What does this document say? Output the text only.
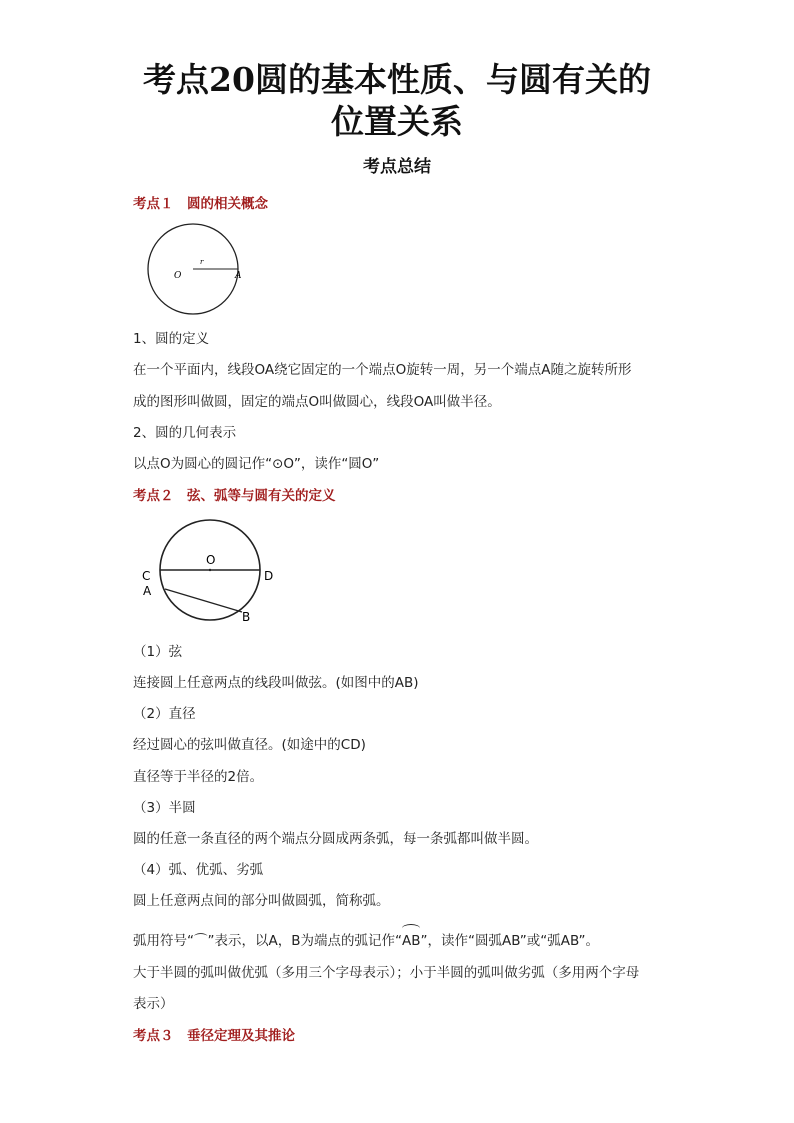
考点20圆的基本性质、与圆有关的
位置关系
考点总结
考点１　圆的相关概念
O
r
A
1、圆的定义
在一个平面内，线段OA绕它固定的一个端点O旋转一周，另一个端点A随之旋转所形
成的图形叫做圆，固定的端点O叫做圆心，线段OA叫做半径。
2、圆的几何表示
以点O为圆心的圆记作“⊙O”，读作“圆O”
考点２　弦、弧等与圆有关的定义
O
C	D
A
B
（1）弦
连接圆上任意两点的线段叫做弦。(如图中的AB)
（2）直径
经过圆心的弦叫做直径。(如途中的CD)
直径等于半径的2倍。
（3）半圆
圆的任意一条直径的两个端点分圆成两条弧，每一条弧都叫做半圆。
（4）弧、优弧、劣弧
圆上任意两点间的部分叫做圆弧，简称弧。
弧用符号“⌒”表示，以A，B为端点的弧记作“
AB”，读作“圆弧AB”或“弧AB”。
大于半圆的弧叫做优弧（多用三个字母表示）；小于半圆的弧叫做劣弧（多用两个字母
表示）
考点３　垂径定理及其推论
